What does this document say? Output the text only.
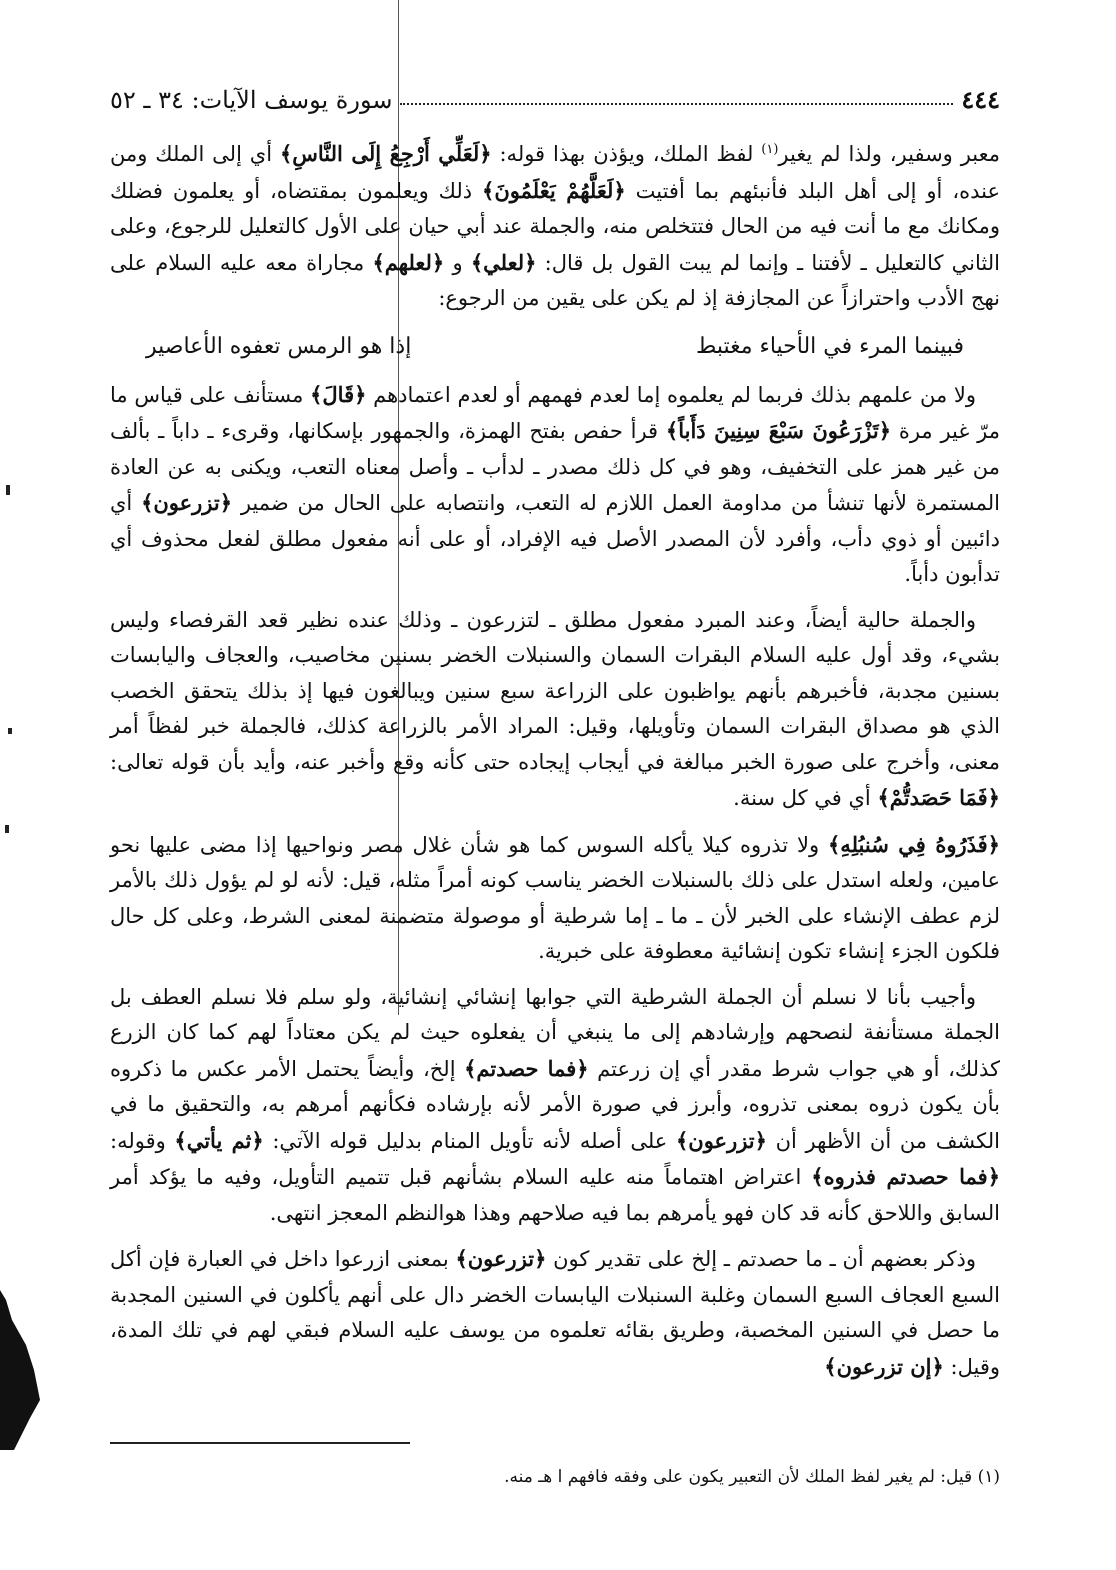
٤٤٤
سورة يوسف الآيات: ٣٤ ـ ٥٢

معبر وسفير، ولذا لم يغير$^{(١)}$ لفظ الملك، ويؤذن بهذا قوله: ﴿لَعَلِّي أَرْجِعُ إِلَى النَّاسِ﴾ أي إلى الملك ومن عنده، أو إلى أهل البلد فأنبئهم بما أفتيت ﴿لَعَلَّهُمْ يَعْلَمُونَ﴾ ذلك ويعلمون بمقتضاه، أو يعلمون فضلك ومكانك مع ما أنت فيه من الحال فتتخلص منه، والجملة عند أبي حيان على الأول كالتعليل للرجوع، وعلى الثاني كالتعليل ـ لأفتنا ـ وإنما لم يبت القول بل قال: ﴿لعلي﴾ و ﴿لعلهم﴾ مجاراة معه عليه السلام على نهج الأدب واحترازاً عن المجازفة إذ لم يكن على يقين من الرجوع:

فبينما المرء في الأحياء مغتبط
إذا هو الرمس تعفوه الأعاصير

ولا من علمهم بذلك فربما لم يعلموه إما لعدم فهمهم أو لعدم اعتمادهم ﴿قَالَ﴾ مستأنف على قياس ما مرّ غير مرة ﴿تَزْرَعُونَ سَبْعَ سِنِينَ دَأَباً﴾ قرأ حفص بفتح الهمزة، والجمهور بإسكانها، وقرىء ـ داباً ـ بألف من غير همز على التخفيف، وهو في كل ذلك مصدر ـ لدأب ـ وأصل معناه التعب، ويكنى به عن العادة المستمرة لأنها تنشأ من مداومة العمل اللازم له التعب، وانتصابه على الحال من ضمير ﴿تزرعون﴾ أي دائبين أو ذوي دأب، وأفرد لأن المصدر الأصل فيه الإفراد، أو على أنه مفعول مطلق لفعل محذوف أي تدأبون دأباً.

والجملة حالية أيضاً، وعند المبرد مفعول مطلق ـ لتزرعون ـ وذلك عنده نظير قعد القرفصاء وليس بشيء، وقد أول عليه السلام البقرات السمان والسنبلات الخضر بسنين مخاصيب، والعجاف واليابسات بسنين مجدبة، فأخبرهم بأنهم يواظبون على الزراعة سبع سنين ويبالغون فيها إذ بذلك يتحقق الخصب الذي هو مصداق البقرات السمان وتأويلها، وقيل: المراد الأمر بالزراعة كذلك، فالجملة خبر لفظاً أمر معنى، وأخرج على صورة الخبر مبالغة في أيجاب إيجاده حتى كأنه وقع وأخبر عنه، وأيد بأن قوله تعالى: ﴿فَمَا حَصَدتُّمْ﴾ أي في كل سنة.

﴿فَذَرُوهُ فِي سُنبُلِهِ﴾ ولا تذروه كيلا يأكله السوس كما هو شأن غلال مصر ونواحيها إذا مضى عليها نحو عامين، ولعله استدل على ذلك بالسنبلات الخضر يناسب كونه أمراً مثله، قيل: لأنه لو لم يؤول ذلك بالأمر لزم عطف الإنشاء على الخبر لأن ـ ما ـ إما شرطية أو موصولة متضمنة لمعنى الشرط، وعلى كل حال فلكون الجزء إنشاء تكون إنشائية معطوفة على خبرية.

وأجيب بأنا لا نسلم أن الجملة الشرطية التي جوابها إنشائي إنشائية، ولو سلم فلا نسلم العطف بل الجملة مستأنفة لنصحهم وإرشادهم إلى ما ينبغي أن يفعلوه حيث لم يكن معتاداً لهم كما كان الزرع كذلك، أو هي جواب شرط مقدر أي إن زرعتم ﴿فما حصدتم﴾ إلخ، وأيضاً يحتمل الأمر عكس ما ذكروه بأن يكون ذروه بمعنى تذروه، وأبرز في صورة الأمر لأنه بإرشاده فكأنهم أمرهم به، والتحقيق ما في الكشف من أن الأظهر أن ﴿تزرعون﴾ على أصله لأنه تأويل المنام بدليل قوله الآتي: ﴿ثم يأتي﴾ وقوله: ﴿فما حصدتم فذروه﴾ اعتراض اهتماماً منه عليه السلام بشأنهم قبل تتميم التأويل، وفيه ما يؤكد أمر السابق واللاحق كأنه قد كان فهو يأمرهم بما فيه صلاحهم وهذا هوالنظم المعجز انتهى.

وذكر بعضهم أن ـ ما حصدتم ـ إلخ على تقدير كون ﴿تزرعون﴾ بمعنى ازرعوا داخل في العبارة فإن أكل السبع العجاف السبع السمان وغلبة السنبلات اليابسات الخضر دال على أنهم يأكلون في السنين المجدبة ما حصل في السنين المخصبة، وطريق بقائه تعلموه من يوسف عليه السلام فبقي لهم في تلك المدة، وقيل: ﴿إن تزرعون﴾

(١) قيل: لم يغير لفظ الملك لأن التعبير يكون على وفقه فافهم ا هـ منه.
